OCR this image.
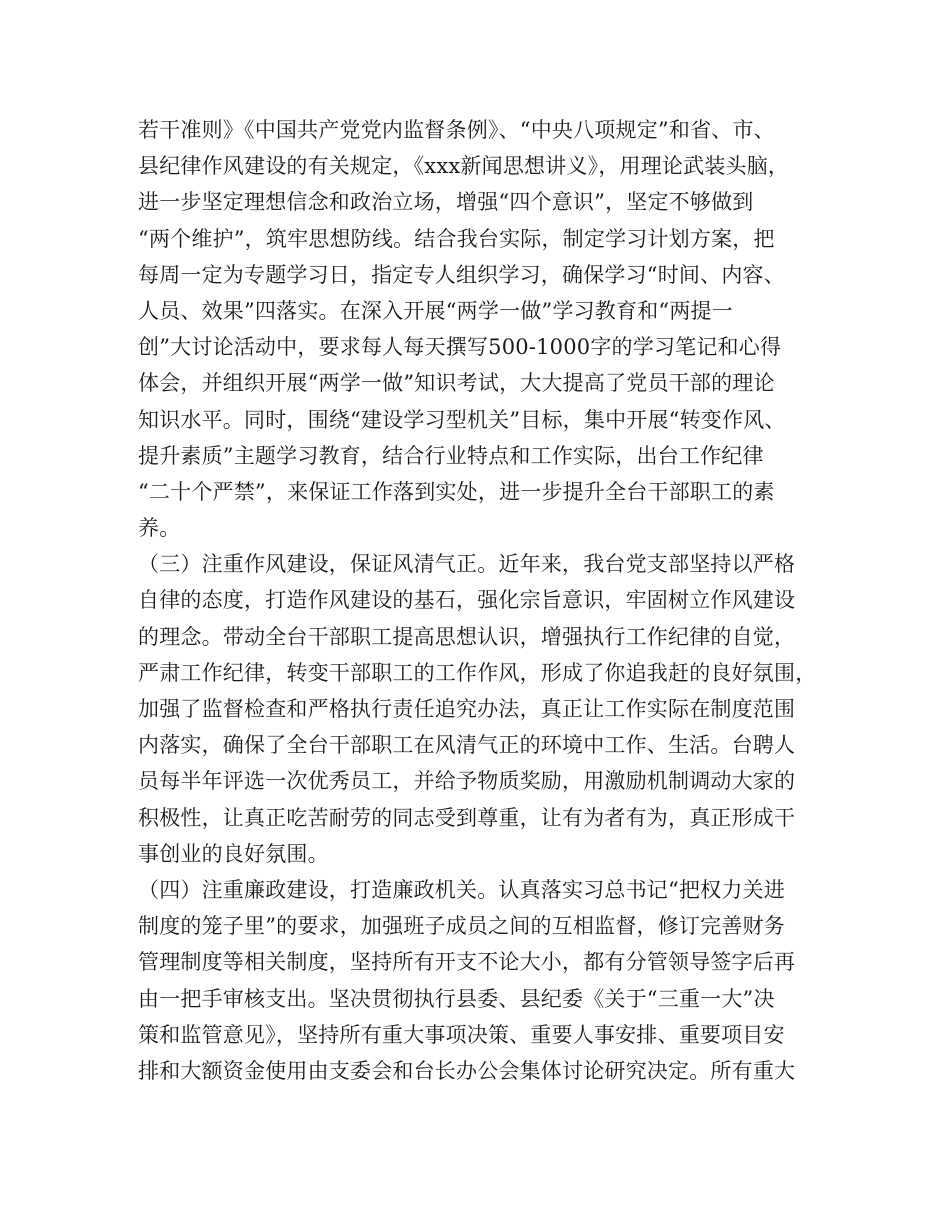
若干准则》《中国共产党党内监督条例》、“中央八项规定”和省、市、
县纪律作风建设的有关规定，《xxx新闻思想讲义》，用理论武装头脑，
进一步坚定理想信念和政治立场，增强“四个意识”，坚定不够做到
“两个维护”，筑牢思想防线。结合我台实际，制定学习计划方案，把
每周一定为专题学习日，指定专人组织学习，确保学习“时间、内容、
人员、效果”四落实。在深入开展“两学一做”学习教育和“两提一
创”大讨论活动中，要求每人每天撰写500-1000字的学习笔记和心得
体会，并组织开展“两学一做”知识考试，大大提高了党员干部的理论
知识水平。同时，围绕“建设学习型机关”目标，集中开展“转变作风、
提升素质”主题学习教育，结合行业特点和工作实际，出台工作纪律
“二十个严禁”，来保证工作落到实处，进一步提升全台干部职工的素
养。
（三）注重作风建设，保证风清气正。近年来，我台党支部坚持以严格
自律的态度，打造作风建设的基石，强化宗旨意识，牢固树立作风建设
的理念。带动全台干部职工提高思想认识，增强执行工作纪律的自觉，
严肃工作纪律，转变干部职工的工作作风，形成了你追我赶的良好氛围，
加强了监督检查和严格执行责任追究办法，真正让工作实际在制度范围
内落实，确保了全台干部职工在风清气正的环境中工作、生活。台聘人
员每半年评选一次优秀员工，并给予物质奖励，用激励机制调动大家的
积极性，让真正吃苦耐劳的同志受到尊重，让有为者有为，真正形成干
事创业的良好氛围。
（四）注重廉政建设，打造廉政机关。认真落实习总书记“把权力关进
制度的笼子里”的要求，加强班子成员之间的互相监督，修订完善财务
管理制度等相关制度，坚持所有开支不论大小，都有分管领导签字后再
由一把手审核支出。坚决贯彻执行县委、县纪委《关于“三重一大”决
策和监管意见》，坚持所有重大事项决策、重要人事安排、重要项目安
排和大额资金使用由支委会和台长办公会集体讨论研究决定。所有重大
